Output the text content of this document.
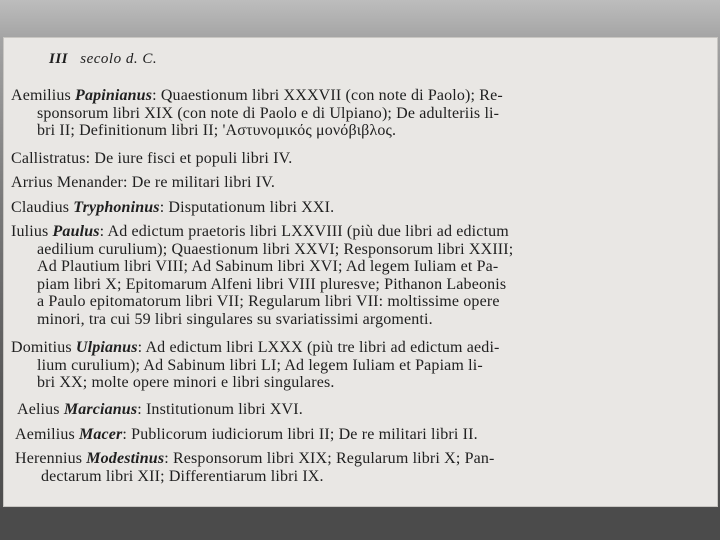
III secolo d. C.
Aemilius Papinianus: Quaestionum libri XXXVII (con note di Paolo); Re-
sponsorum libri XIX (con note di Paolo e di Ulpiano); De adulteriis li-
bri II; Definitionum libri II; 'Αστυνομικός μονόβιβλος.
Callistratus: De iure fisci et populi libri IV.
Arrius Menander: De re militari libri IV.
Claudius Tryphoninus: Disputationum libri XXI.
Iulius Paulus: Ad edictum praetoris libri LXXVIII (più due libri ad edictum
aedilium curulium); Quaestionum libri XXVI; Responsorum libri XXIII;
Ad Plautium libri VIII; Ad Sabinum libri XVI; Ad legem Iuliam et Pa-
piam libri X; Epitomarum Alfeni libri VIII pluresve; Pithanon Labeonis
a Paulo epitomatorum libri VII; Regularum libri VII: moltissime opere
minori, tra cui 59 libri singulares su svariatissimi argomenti.
Domitius Ulpianus: Ad edictum libri LXXX (più tre libri ad edictum aedi-
lium curulium); Ad Sabinum libri LI; Ad legem Iuliam et Papiam li-
bri XX; molte opere minori e libri singulares.
Aelius Marcianus: Institutionum libri XVI.
Aemilius Macer: Publicorum iudiciorum libri II; De re militari libri II.
Herennius Modestinus: Responsorum libri XIX; Regularum libri X; Pan-
dectarum libri XII; Differentiarum libri IX.
